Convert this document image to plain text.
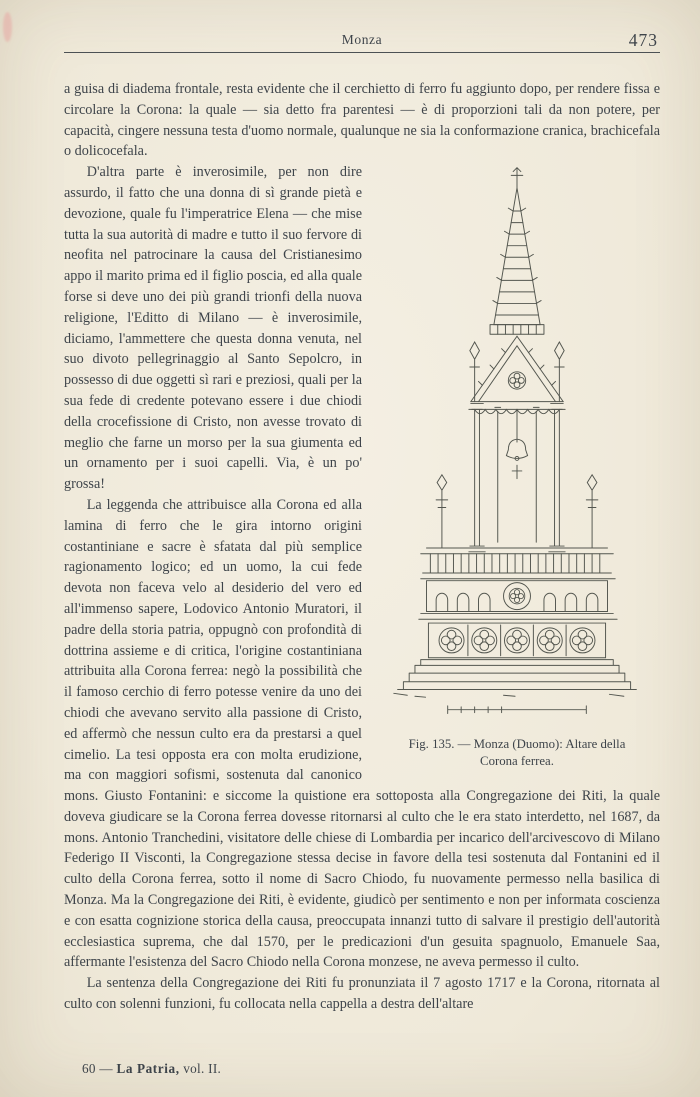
Monza	473

a guisa di diadema frontale, resta evidente che il cerchietto di ferro fu aggiunto dopo, per rendere fissa e circolare la Corona: la quale — sia detto fra parentesi — è di proporzioni tali da non potere, per capacità, cingere nessuna testa d'uomo normale, qualunque ne sia la conformazione cranica, brachicefala o dolicocefala.

Fig. 135. — Monza (Duomo): Altare della Corona ferrea.

D'altra parte è inverosimile, per non dire assurdo, il fatto che una donna di sì grande pietà e devozione, quale fu l'imperatrice Elena — che mise tutta la sua autorità di madre e tutto il suo fervore di neofita nel patrocinare la causa del Cristianesimo appo il marito prima ed il figlio poscia, ed alla quale forse si deve uno dei più grandi trionfi della nuova religione, l'Editto di Milano — è inverosimile, diciamo, l'ammettere che questa donna venuta, nel suo divoto pellegrinaggio al Santo Sepolcro, in possesso di due oggetti sì rari e preziosi, quali per la sua fede di credente potevano essere i due chiodi della crocefissione di Cristo, non avesse trovato di meglio che farne un morso per la sua giumenta ed un ornamento per i suoi capelli. Via, è un po' grossa!

La leggenda che attribuisce alla Corona ed alla lamina di ferro che le gira intorno origini costantiniane e sacre è sfatata dal più semplice ragionamento logico; ed un uomo, la cui fede devota non faceva velo al desiderio del vero ed all'immenso sapere, Lodovico Antonio Muratori, il padre della storia patria, oppugnò con profondità di dottrina assieme e di critica, l'origine costantiniana attribuita alla Corona ferrea: negò la possibilità che il famoso cerchio di ferro potesse venire da uno dei chiodi che avevano servito alla passione di Cristo, ed affermò che nessun culto era da prestarsi a quel cimelio. La tesi opposta era con molta erudizione, ma con maggiori sofismi, sostenuta dal canonico mons. Giusto Fontanini: e siccome la quistione era sottoposta alla Congregazione dei Riti, la quale doveva giudicare se la Corona ferrea dovesse ritornarsi al culto che le era stato interdetto, nel 1687, da mons. Antonio Tranchedini, visitatore delle chiese di Lombardia per incarico dell'arcivescovo di Milano Federigo II Visconti, la Congregazione stessa decise in favore della tesi sostenuta dal Fontanini ed il culto della Corona ferrea, sotto il nome di Sacro Chiodo, fu nuovamente permesso nella basilica di Monza. Ma la Congregazione dei Riti, è evidente, giudicò per sentimento e non per informata coscienza e con esatta cognizione storica della causa, preoccupata innanzi tutto di salvare il prestigio dell'autorità ecclesiastica suprema, che dal 1570, per le predicazioni d'un gesuita spagnuolo, Emanuele Saa, affermante l'esistenza del Sacro Chiodo nella Corona monzese, ne aveva permesso il culto.

La sentenza della Congregazione dei Riti fu pronunziata il 7 agosto 1717 e la Corona, ritornata al culto con solenni funzioni, fu collocata nella cappella a destra dell'altare

60 — La Patria, vol. II.
